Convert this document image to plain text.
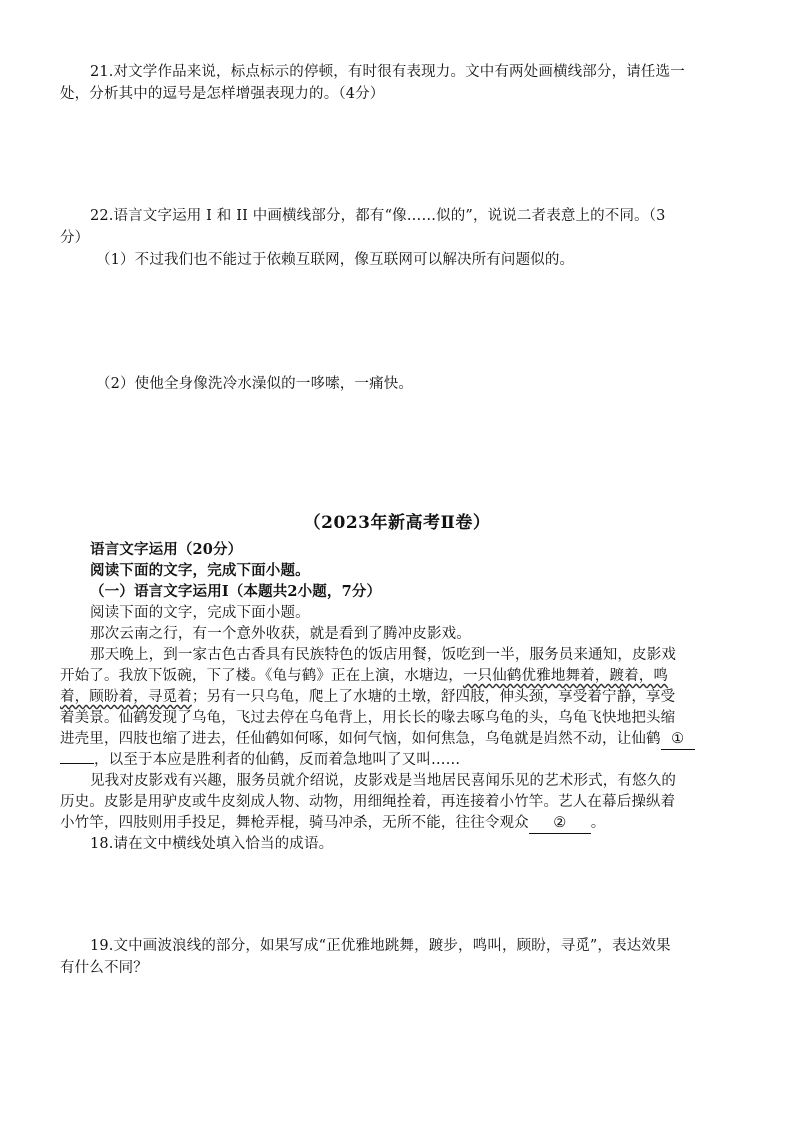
21.对文学作品来说，标点标示的停顿，有时很有表现力。文中有两处画横线部分，请任选一
处，分析其中的逗号是怎样增强表现力的。（4分）
22.语言文字运用 I 和 II 中画横线部分，都有“像……似的”，说说二者表意上的不同。（3
分）
（1）不过我们也不能过于依赖互联网，像互联网可以解决所有问题似的。
（2）使他全身像洗冷水澡似的一哆嗦，一痛快。
（2023年新高考Ⅱ卷）
语言文字运用（20分）
阅读下面的文字，完成下面小题。
（一）语言文字运用Ⅰ（本题共2小题，7分）
阅读下面的文字，完成下面小题。
那次云南之行，有一个意外收获，就是看到了腾冲皮影戏。
那天晚上，到一家古色古香具有民族特色的饭店用餐，饭吃到一半，服务员来通知，皮影戏
开始了。我放下饭碗，下了楼。《龟与鹤》正在上演，水塘边，一只仙鹤优雅地舞着，踱着，鸣
着，顾盼着，寻觅着；另有一只乌龟，爬上了水塘的土墩，舒四肢，伸头颈，享受着宁静，享受
着美景。仙鹤发现了乌龟，飞过去停在乌龟背上，用长长的喙去啄乌龟的头，乌龟飞快地把头缩
进壳里，四肢也缩了进去，任仙鹤如何啄，如何气恼，如何焦急，乌龟就是岿然不动，让仙鹤 ①
，以至于本应是胜利者的仙鹤，反而着急地叫了又叫……
见我对皮影戏有兴趣，服务员就介绍说，皮影戏是当地居民喜闻乐见的艺术形式，有悠久的
历史。皮影是用驴皮或牛皮刻成人物、动物，用细绳拴着，再连接着小竹竿。艺人在幕后操纵着
小竹竿，四肢则用手投足，舞枪弄棍，骑马冲杀，无所不能，往往令观众 ② 。
18.请在文中横线处填入恰当的成语。
19.文中画波浪线的部分，如果写成“正优雅地跳舞，踱步，鸣叫，顾盼，寻觅”，表达效果
有什么不同？
